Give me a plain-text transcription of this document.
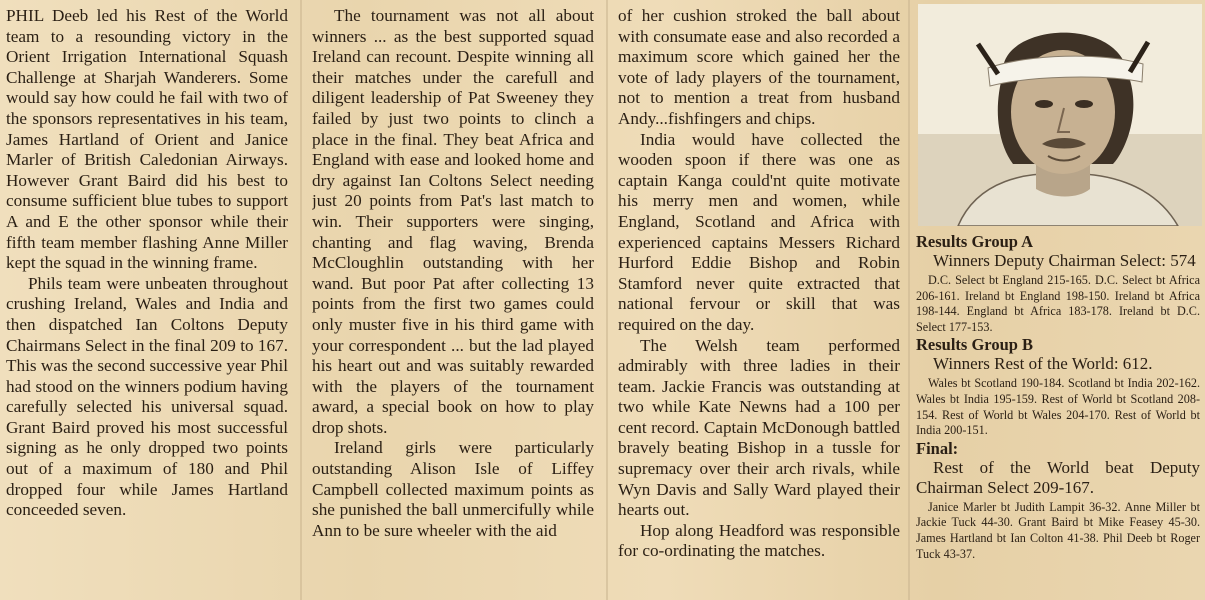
PHIL Deeb led his Rest of the World team to a resounding victory in the Orient Irrigation International Squash Challenge at Sharjah Wanderers. Some would say how could he fail with two of the sponsors representatives in his team, James Hartland of Orient and Janice Marler of British Caledonian Airways. However Grant Baird did his best to consume sufficient blue tubes to support A and E the other sponsor while their fifth team member flashing Anne Miller kept the squad in the winning frame.

Phils team were unbeaten throughout crushing Ireland, Wales and India and then dispatched Ian Coltons Deputy Chairmans Select in the final 209 to 167. This was the second successive year Phil had stood on the winners podium having carefully selected his universal squad. Grant Baird proved his most successful signing as he only dropped two points out of a maximum of 180 and Phil dropped four while James Hartland conceeded seven.

The tournament was not all about winners ... as the best supported squad Ireland can recount. Despite winning all their matches under the carefull and diligent leadership of Pat Sweeney they failed by just two points to clinch a place in the final. They beat Africa and England with ease and looked home and dry against Ian Coltons Select needing just 20 points from Pat's last match to win. Their supporters were singing, chanting and flag waving, Brenda McCloughlin outstanding with her wand. But poor Pat after collecting 13 points from the first two games could only muster five in his third game with your correspondent ... but the lad played his heart out and was suitably rewarded with the players of the tournament award, a special book on how to play drop shots.

Ireland girls were particularly outstanding Alison Isle of Liffey Campbell collected maximum points as she punished the ball unmercifully while Ann to be sure wheeler with the aid

of her cushion stroked the ball about with consumate ease and also recorded a maximum score which gained her the vote of lady players of the tournament, not to mention a treat from husband Andy...fishfingers and chips.

India would have collected the wooden spoon if there was one as captain Kanga could'nt quite motivate his merry men and women, while England, Scotland and Africa with experienced captains Messers Richard Hurford Eddie Bishop and Robin Stamford never quite extracted that national fervour or skill that was required on the day.

The Welsh team performed admirably with three ladies in their team. Jackie Francis was outstanding at two while Kate Newns had a 100 per cent record. Captain McDonough battled bravely beating Bishop in a tussle for supremacy over their arch rivals, while Wyn Davis and Sally Ward played their hearts out.

Hop along Headford was responsible for co-ordinating the matches.

Results Group A

Winners Deputy Chairman Select: 574

D.C. Select bt England 215-165. D.C. Select bt Africa 206-161. Ireland bt England 198-150. Ireland bt Africa 198-144. England bt Africa 183-178. Ireland bt D.C. Select 177-153.

Results Group B

Winners Rest of the World: 612.

Wales bt Scotland 190-184. Scotland bt India 202-162. Wales bt India 195-159. Rest of World bt Scotland 208-154. Rest of World bt Wales 204-170. Rest of World bt India 200-151.

Final:

Rest of the World beat Deputy Chairman Select 209-167.

Janice Marler bt Judith Lampit 36-32. Anne Miller bt Jackie Tuck 44-30. Grant Baird bt Mike Feasey 45-30. James Hartland bt Ian Colton 41-38. Phil Deeb bt Roger Tuck 43-37.
